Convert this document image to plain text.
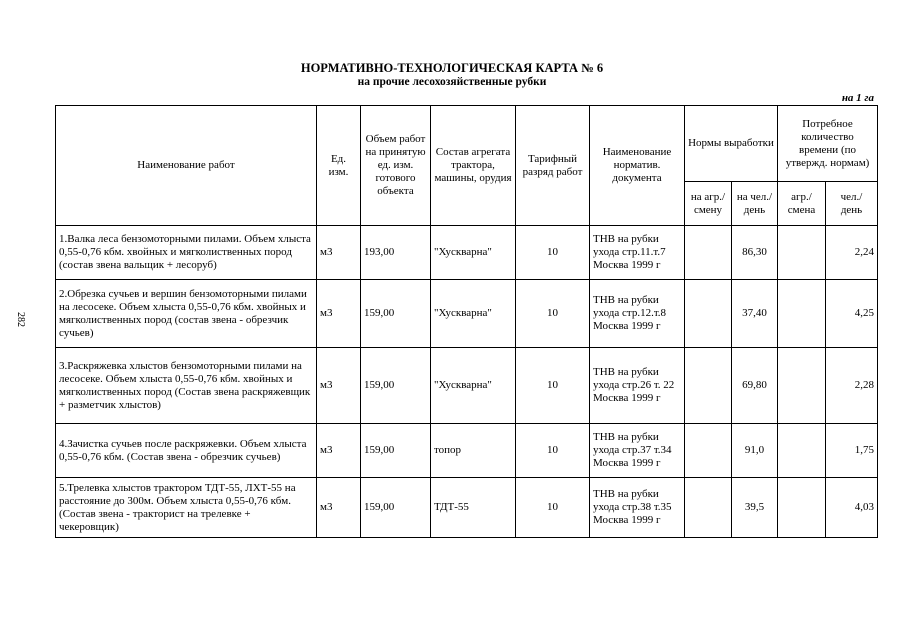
282
НОРМАТИВНО-ТЕХНОЛОГИЧЕСКАЯ КАРТА № 6
на прочие лесохозяйственные рубки
на 1 га
Наименование работ	Ед. изм.	Объем работ на принятую ед. изм. готового объекта	Состав агрегата трактора, машины, орудия	Тарифный разряд работ	Наименование норматив. документа	Нормы выработки		Потребное количество времени (по утвержд. нормам)	
						на агр./ смену	на чел./ день	агр./ смена	чел./ день
1.Валка леса бензомоторными пилами. Объем хлыста 0,55-0,76 кбм. хвойных и мягколиственных пород (состав звена вальщик + лесоруб)	м3	193,00	"Хускварна"	10	ТНВ на рубки ухода стр.11.т.7 Москва 1999 г		86,30		2,24
2.Обрезка сучьев и вершин бензомоторными пилами на лесосеке. Объем хлыста 0,55-0,76 кбм. хвойных и мягколиственных пород (состав звена - обрезчик сучьев)	м3	159,00	"Хускварна"	10	ТНВ на рубки ухода стр.12.т.8 Москва 1999 г		37,40		4,25
3.Раскряжевка хлыстов бензомоторными пилами на лесосеке. Объем хлыста 0,55-0,76 кбм. хвойных и мягколиственных пород (Состав звена раскряжевщик + разметчик хлыстов)	м3	159,00	"Хускварна"	10	ТНВ на рубки ухода стр.26 т. 22 Москва 1999 г		69,80		2,28
4.Зачистка сучьев после раскряжевки. Объем хлыста 0,55-0,76 кбм. (Состав звена - обрезчик сучьев)	м3	159,00	топор	10	ТНВ на рубки ухода стр.37 т.34 Москва 1999 г		91,0		1,75
5.Трелевка хлыстов трактором ТДТ-55, ЛХТ-55 на расстояние до 300м. Объем хлыста 0,55-0,76 кбм. (Состав звена - тракторист на трелевке + чекеровщик)	м3	159,00	ТДТ-55	10	ТНВ на рубки ухода стр.38 т.35 Москва 1999 г		39,5		4,03
